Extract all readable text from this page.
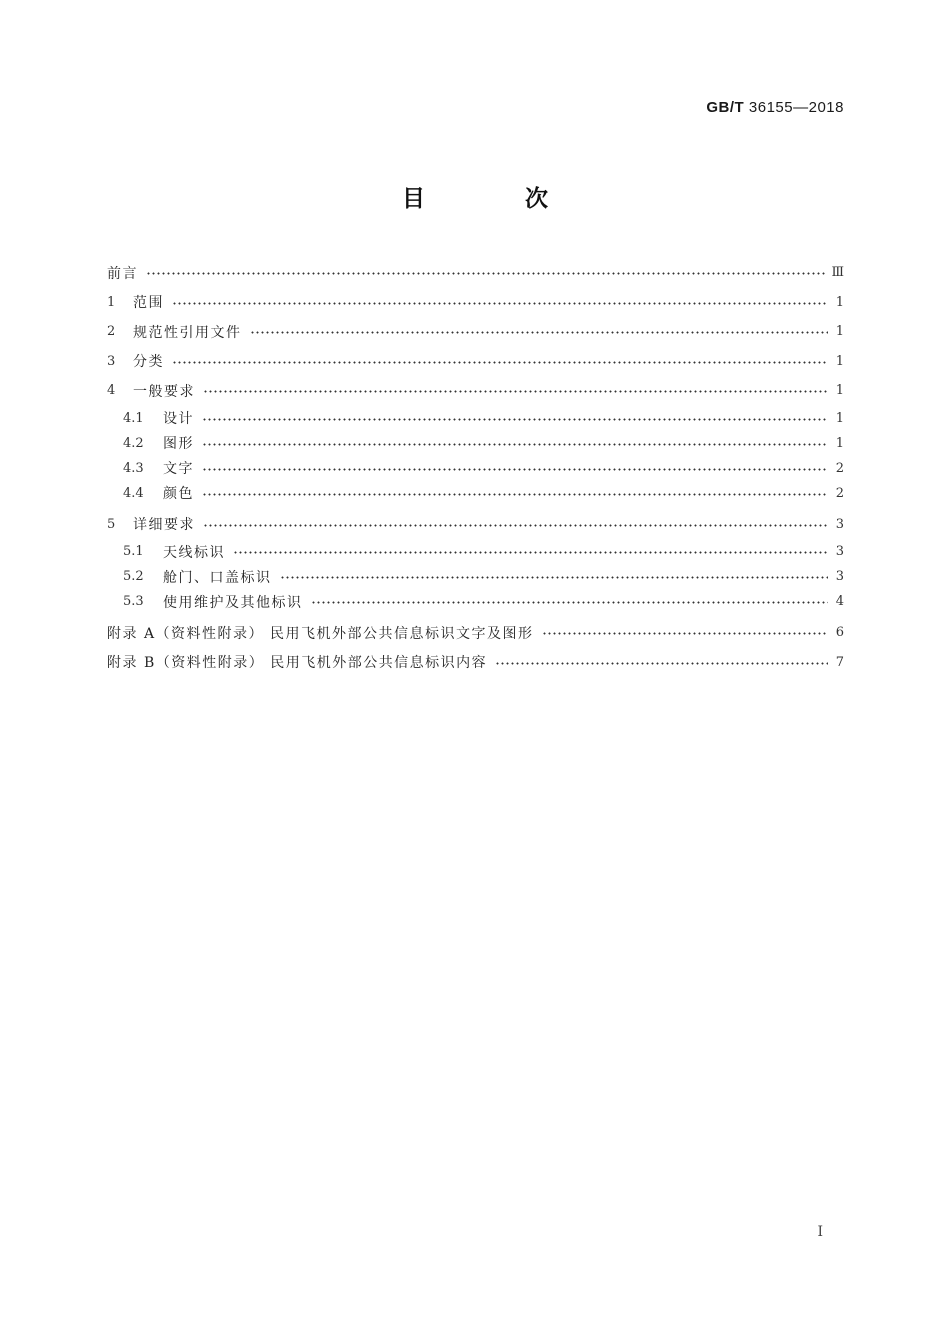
GB/T 36155—2018
目 次
前言	Ⅲ
1	范围	1
2	规范性引用文件	1
3	分类	1
4	一般要求	1
4.1	设计	1
4.2	图形	1
4.3	文字	2
4.4	颜色	2
5	详细要求	3
5.1	天线标识	3
5.2	舱门、口盖标识	3
5.3	使用维护及其他标识	4
附录 A（资料性附录） 民用飞机外部公共信息标识文字及图形	6
附录 B（资料性附录） 民用飞机外部公共信息标识内容	7
I
